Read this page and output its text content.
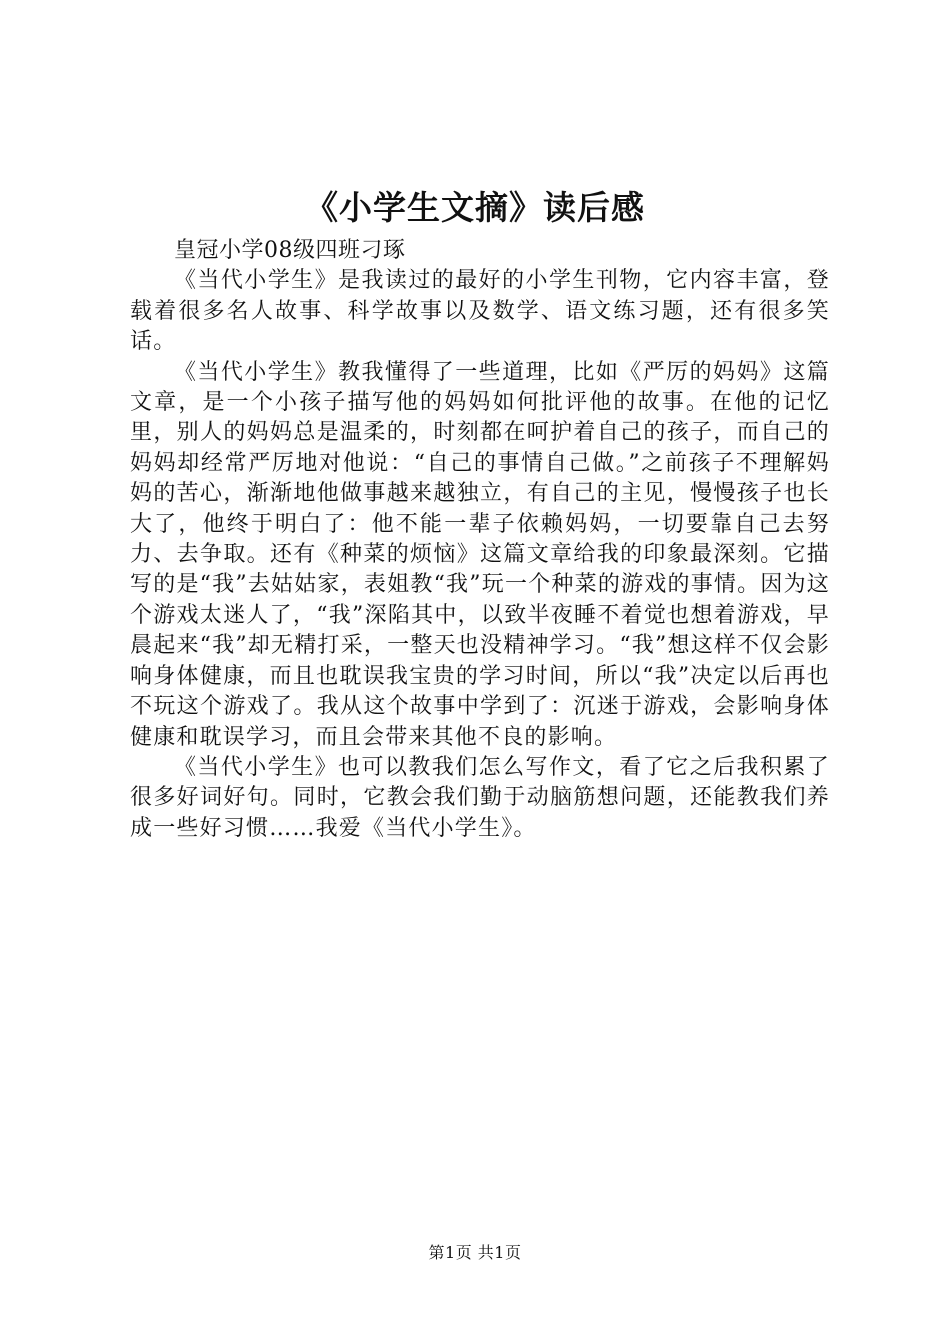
《小学生文摘》读后感

皇冠小学08级四班刁琢

《当代小学生》是我读过的最好的小学生刊物，它内容丰富，登载着很多名人故事、科学故事以及数学、语文练习题，还有很多笑话。

《当代小学生》教我懂得了一些道理，比如《严厉的妈妈》这篇文章，是一个小孩子描写他的妈妈如何批评他的故事。在他的记忆里，别人的妈妈总是温柔的，时刻都在呵护着自己的孩子，而自己的妈妈却经常严厉地对他说：“自己的事情自己做。”之前孩子不理解妈妈的苦心，渐渐地他做事越来越独立，有自己的主见，慢慢孩子也长大了，他终于明白了：他不能一辈子依赖妈妈，一切要靠自己去努力、去争取。还有《种菜的烦恼》这篇文章给我的印象最深刻。它描写的是“我”去姑姑家，表姐教“我”玩一个种菜的游戏的事情。因为这个游戏太迷人了，“我”深陷其中，以致半夜睡不着觉也想着游戏，早晨起来“我”却无精打采，一整天也没精神学习。“我”想这样不仅会影响身体健康，而且也耽误我宝贵的学习时间，所以“我”决定以后再也不玩这个游戏了。我从这个故事中学到了：沉迷于游戏，会影响身体健康和耽误学习，而且会带来其他不良的影响。

《当代小学生》也可以教我们怎么写作文，看了它之后我积累了很多好词好句。同时，它教会我们勤于动脑筋想问题，还能教我们养成一些好习惯……我爱《当代小学生》。

第1页 共1页
